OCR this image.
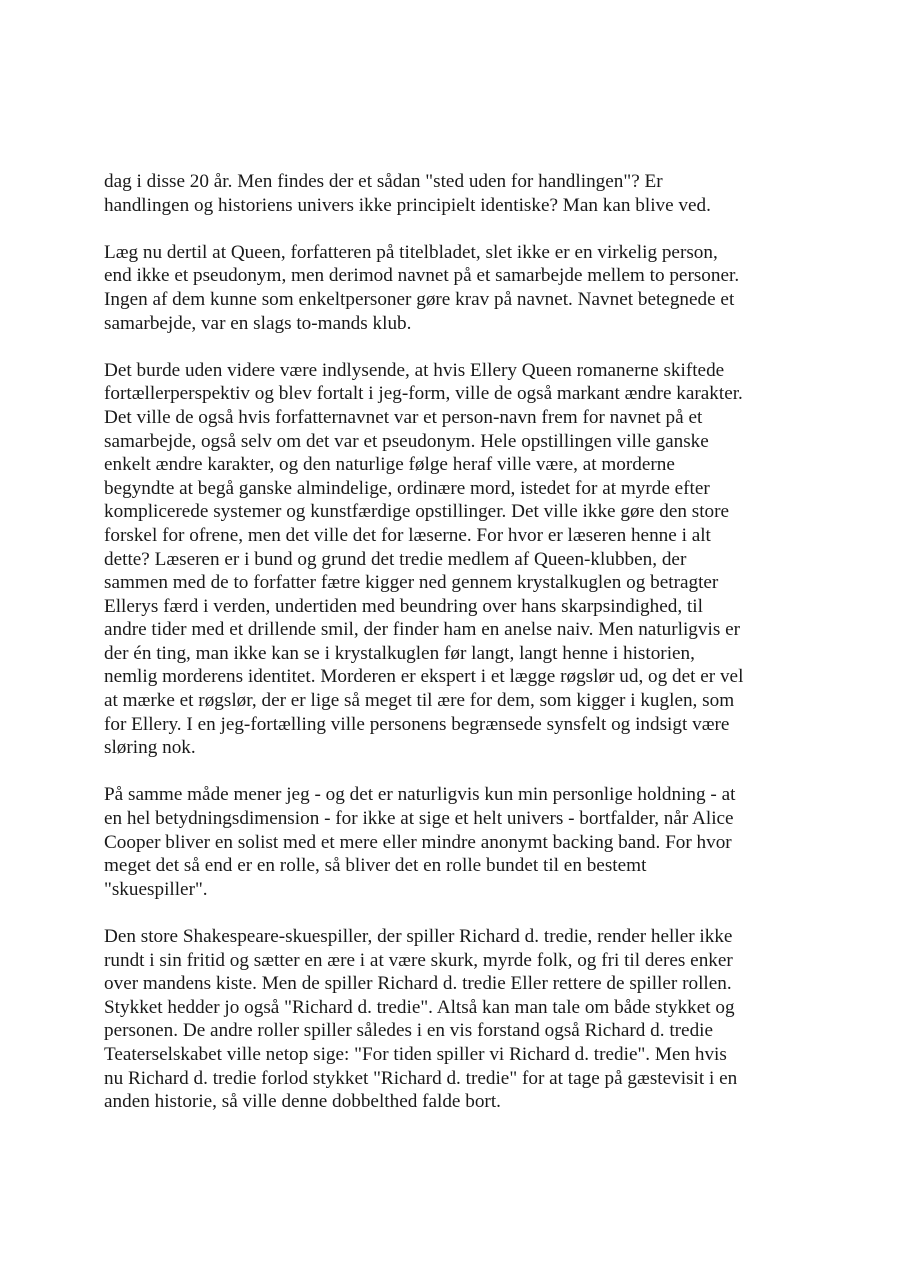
dag i disse 20 år. Men findes der et sådan "sted uden for handlingen"? Er
handlingen og historiens univers ikke principielt identiske? Man kan blive ved.

Læg nu dertil at Queen, forfatteren på titelbladet, slet ikke er en virkelig person,
end ikke et pseudonym, men derimod navnet på et samarbejde mellem to personer.
Ingen af dem kunne som enkeltpersoner gøre krav på navnet. Navnet betegnede et
samarbejde, var en slags to-mands klub.

Det burde uden videre være indlysende, at hvis Ellery Queen romanerne skiftede
fortællerperspektiv og blev fortalt i jeg-form, ville de også markant ændre karakter.
Det ville de også hvis forfatternavnet var et person-navn frem for navnet på et
samarbejde, også selv om det var et pseudonym. Hele opstillingen ville ganske
enkelt ændre karakter, og den naturlige følge heraf ville være, at morderne
begyndte at begå ganske almindelige, ordinære mord, istedet for at myrde efter
komplicerede systemer og kunstfærdige opstillinger. Det ville ikke gøre den store
forskel for ofrene, men det ville det for læserne. For hvor er læseren henne i alt
dette? Læseren er i bund og grund det tredie medlem af Queen-klubben, der
sammen med de to forfatter fætre kigger ned gennem krystalkuglen og betragter
Ellerys færd i verden, undertiden med beundring over hans skarpsindighed, til
andre tider med et drillende smil, der finder ham en anelse naiv. Men naturligvis er
der én ting, man ikke kan se i krystalkuglen før langt, langt henne i historien,
nemlig morderens identitet. Morderen er ekspert i et lægge røgslør ud, og det er vel
at mærke et røgslør, der er lige så meget til ære for dem, som kigger i kuglen, som
for Ellery. I en jeg-fortælling ville personens begrænsede synsfelt og indsigt være
sløring nok.

På samme måde mener jeg - og det er naturligvis kun min personlige holdning - at
en hel betydningsdimension - for ikke at sige et helt univers - bortfalder, når Alice
Cooper bliver en solist med et mere eller mindre anonymt backing band. For hvor
meget det så end er en rolle, så bliver det en rolle bundet til en bestemt
"skuespiller".

Den store Shakespeare-skuespiller, der spiller Richard d. tredie, render heller ikke
rundt i sin fritid og sætter en ære i at være skurk, myrde folk, og fri til deres enker
over mandens kiste. Men de spiller Richard d. tredie Eller rettere de spiller rollen.
Stykket hedder jo også "Richard d. tredie". Altså kan man tale om både stykket og
personen. De andre roller spiller således i en vis forstand også Richard d. tredie
Teaterselskabet ville netop sige: "For tiden spiller vi Richard d. tredie". Men hvis
nu Richard d. tredie forlod stykket "Richard d. tredie" for at tage på gæstevisit i en
anden historie, så ville denne dobbelthed falde bort.
